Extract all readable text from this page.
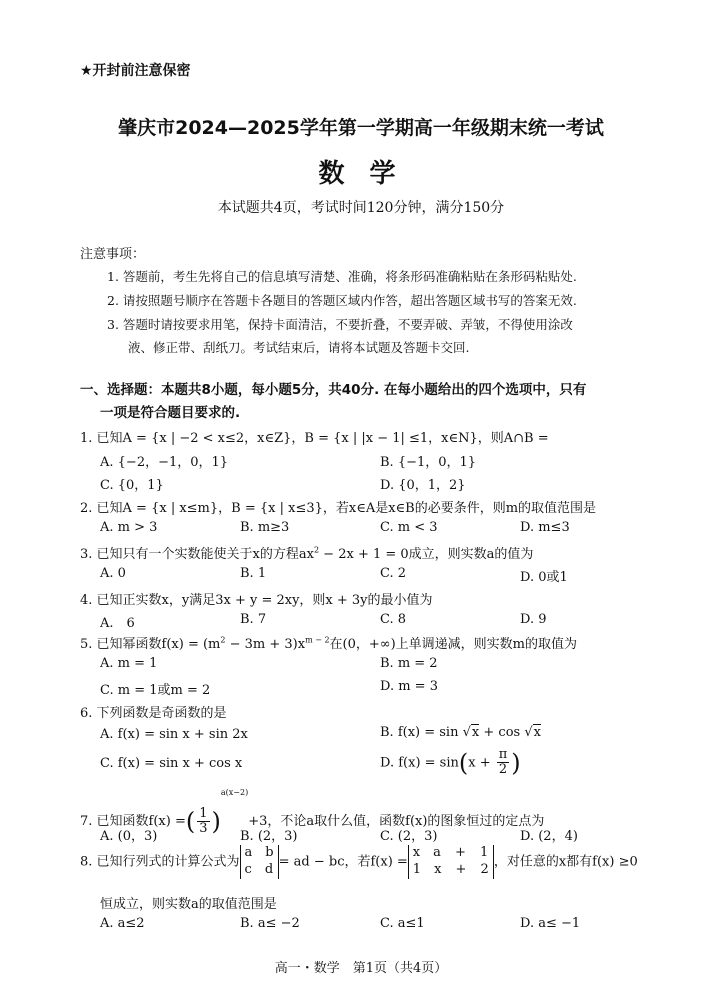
★开封前注意保密
肇庆市2024—2025学年第一学期高一年级期末统一考试
数 学
本试题共4页，考试时间120分钟，满分150分
注意事项：
1. 答题前，考生先将自己的信息填写清楚、准确，将条形码准确粘贴在条形码粘贴处.
2. 请按照题号顺序在答题卡各题目的答题区域内作答，超出答题区域书写的答案无效.
3. 答题时请按要求用笔，保持卡面清洁，不要折叠，不要弄破、弄皱，不得使用涂改
液、修正带、刮纸刀。考试结束后，请将本试题及答题卡交回.
一、选择题：本题共8小题，每小题5分，共40分. 在每小题给出的四个选项中，只有
一项是符合题目要求的.
1. 已知A = {x | −2 < x≤2，x∈Z}，B = {x | |x − 1| ≤1，x∈N}，则A∩B =
A. {−2，−1，0，1}	B. {−1，0，1}
C. {0，1}	D. {0，1，2}
2. 已知A = {x | x≤m}，B = {x | x≤3}，若x∈A是x∈B的必要条件，则m的取值范围是
A. m > 3	B. m≥3	C. m < 3	D. m≤3
3. 已知只有一个实数能使关于x的方程$ax^2 - 2x + 1 = 0$成立，则实数a的值为
A. 0	B. 1	C. 2	D. 0或1
4. 已知正实数x，y满足3x + y = 2xy，则x + 3y的最小值为
A.　6	B. 7	C. 8	D. 9
5. 已知幂函数$f(x) = (m^2 - 3m + 3)x^{m - 2}$在(0，+∞)上单调递减，则实数m的取值为
A. m = 1	B. m = 2
C. m = 1或m = 2	D. m = 3
6. 下列函数是奇函数的是
A. f(x) = sin x + sin 2x	B. f(x) = sin √x + cos √x
C. f(x) = sin x + cos x	D. $f(x) = \sin(x + \frac{\pi}{2}$ )
7. 已知函数f(x) =( $\frac{1}{3} )^{a(x-2)}+3$，不论a取什么值，函数f(x)的图象恒过的定点为
A. (0，3)	B. (2，3)	C. (2，3)	D. (2，4)
8. 已知行列式的计算公式为
a　b
c　d = ad − bc，若f(x) =
x　a + 1
1　x + 2 ，对任意的x都有f(x) ≥0
恒成立，则实数a的取值范围是
A. a≤2	B. a≤ −2	C. a≤1	D. a≤ −1
高一・数学　第1页（共4页）
